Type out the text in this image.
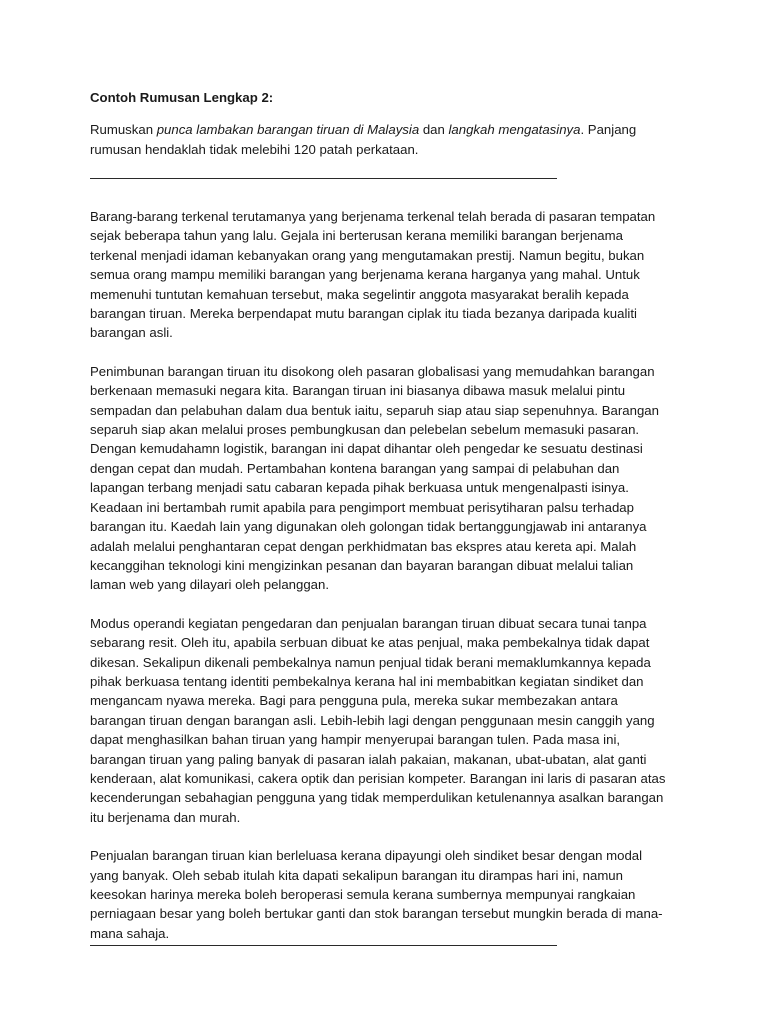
Contoh Rumusan Lengkap 2:

Rumuskan punca lambakan barangan tiruan di Malaysia dan langkah mengatasinya. Panjang rumusan hendaklah tidak melebihi 120 patah perkataan.

Barang-barang terkenal terutamanya yang berjenama terkenal telah berada di pasaran tempatan sejak beberapa tahun yang lalu. Gejala ini berterusan kerana memiliki barangan berjenama terkenal menjadi idaman kebanyakan orang yang mengutamakan prestij. Namun begitu, bukan semua orang mampu memiliki barangan yang berjenama kerana harganya yang mahal. Untuk memenuhi tuntutan kemahuan tersebut, maka segelintir anggota masyarakat beralih kepada barangan tiruan. Mereka berpendapat mutu barangan ciplak itu tiada bezanya daripada kualiti barangan asli.

Penimbunan barangan tiruan itu disokong oleh pasaran globalisasi yang memudahkan barangan berkenaan memasuki negara kita. Barangan tiruan ini biasanya dibawa masuk melalui pintu sempadan dan pelabuhan dalam dua bentuk iaitu, separuh siap atau siap sepenuhnya. Barangan separuh siap akan melalui proses pembungkusan dan pelebelan sebelum memasuki pasaran. Dengan kemudahamn logistik, barangan ini dapat dihantar oleh pengedar ke sesuatu destinasi dengan cepat dan mudah. Pertambahan kontena barangan yang sampai di pelabuhan dan lapangan terbang menjadi satu cabaran kepada pihak berkuasa untuk mengenalpasti isinya. Keadaan ini bertambah rumit apabila para pengimport membuat perisytiharan palsu terhadap barangan itu. Kaedah lain yang digunakan oleh golongan tidak bertanggungjawab ini antaranya adalah melalui penghantaran cepat dengan perkhidmatan bas ekspres atau kereta api. Malah kecanggihan teknologi kini mengizinkan pesanan dan bayaran barangan dibuat melalui talian laman web yang dilayari oleh pelanggan.

Modus operandi kegiatan pengedaran dan penjualan barangan tiruan dibuat secara tunai tanpa sebarang resit. Oleh itu, apabila serbuan dibuat ke atas penjual, maka pembekalnya tidak dapat dikesan. Sekalipun dikenali pembekalnya namun penjual tidak berani memaklumkannya kepada pihak berkuasa tentang identiti pembekalnya kerana hal ini membabitkan kegiatan sindiket dan mengancam nyawa mereka. Bagi para pengguna pula, mereka sukar membezakan antara barangan tiruan dengan barangan asli. Lebih-lebih lagi dengan penggunaan mesin canggih yang dapat menghasilkan bahan tiruan yang hampir menyerupai barangan tulen. Pada masa ini, barangan tiruan yang paling banyak di pasaran ialah pakaian, makanan, ubat-ubatan, alat ganti kenderaan, alat komunikasi, cakera optik dan perisian kompeter. Barangan ini laris di pasaran atas kecenderungan sebahagian pengguna yang tidak memperdulikan ketulenannya asalkan barangan itu berjenama dan murah.

Penjualan barangan tiruan kian berleluasa kerana dipayungi oleh sindiket besar dengan modal yang banyak. Oleh sebab itulah kita dapati sekalipun barangan itu dirampas hari ini, namun keesokan harinya mereka boleh beroperasi semula kerana sumbernya mempunyai rangkaian perniagaan besar yang boleh bertukar ganti dan stok barangan tersebut mungkin berada di mana-mana sahaja.
